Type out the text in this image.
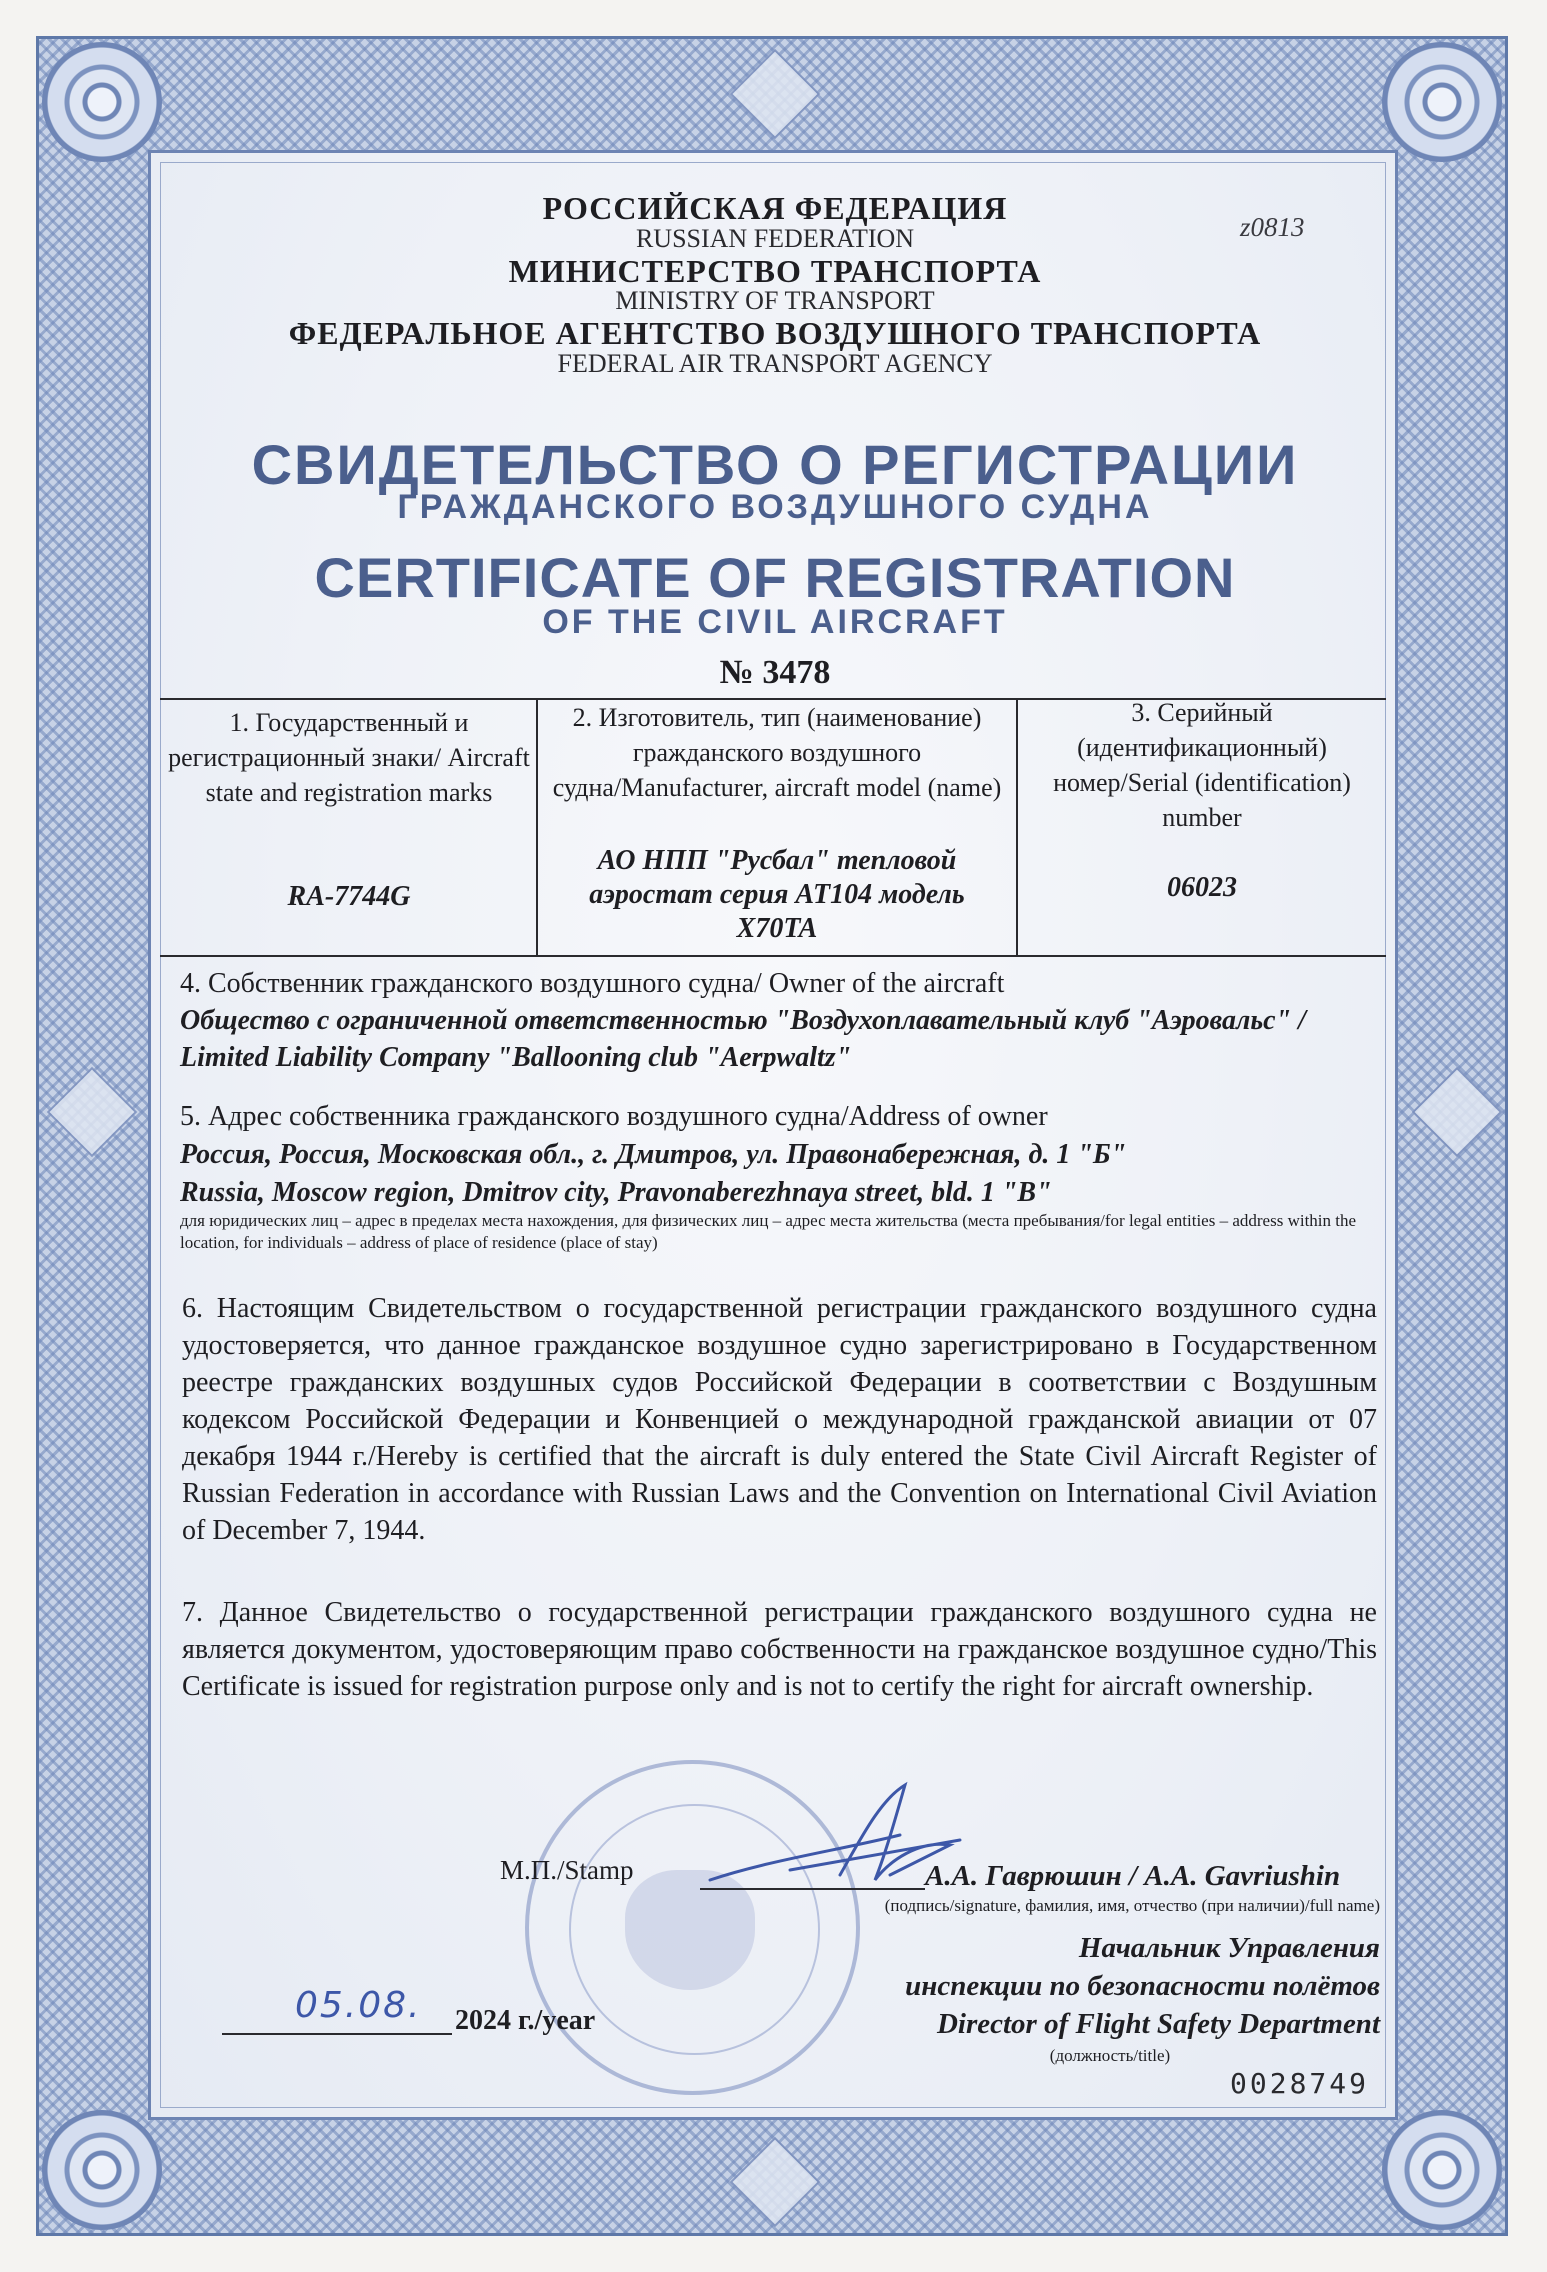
z0813
РОССИЙСКАЯ ФЕДЕРАЦИЯ
RUSSIAN FEDERATION
МИНИСТЕРСТВО ТРАНСПОРТА
MINISTRY OF TRANSPORT
ФЕДЕРАЛЬНОЕ АГЕНТСТВО ВОЗДУШНОГО ТРАНСПОРТА
FEDERAL AIR TRANSPORT AGENCY
СВИДЕТЕЛЬСТВО О РЕГИСТРАЦИИ
ГРАЖДАНСКОГО ВОЗДУШНОГО СУДНА
CERTIFICATE OF REGISTRATION
OF THE CIVIL AIRCRAFT
№ 3478
1. Государственный и регистрационный знаки/ Aircraft state and registration marks
RA-7744G
2. Изготовитель, тип (наименование) гражданского воздушного судна/Manufacturer, aircraft model (name)
АО НПП "Русбал" тепловой аэростат серия АТ104 модель Х70ТА
3. Серийный (идентификационный) номер/Serial (identification) number
06023
4. Собственник гражданского воздушного судна/ Owner of the aircraft
Общество с ограниченной ответственностью "Воздухоплавательный клуб "Аэровальс" / Limited Liability Company "Ballooning club "Aerpwaltz"
5. Адрес собственника гражданского воздушного судна/Address of owner
Россия, Россия, Московская обл., г. Дмитров, ул. Правонабережная, д. 1 "Б"
Russia, Moscow region, Dmitrov city, Pravonaberezhnaya street, bld. 1 "B"
для юридических лиц – адрес в пределах места нахождения, для физических лиц – адрес места жительства (места пребывания/for legal entities – address within the location, for individuals – address of place of residence (place of stay)
6. Настоящим Свидетельством о государственной регистрации гражданского воздушного судна удостоверяется, что данное гражданское воздушное судно зарегистрировано в Государственном реестре гражданских воздушных судов Российской Федерации в соответствии с Воздушным кодексом Российской Федерации и Конвенцией о международной гражданской авиации от 07 декабря 1944 г./Hereby is certified that the aircraft is duly entered the State Civil Aircraft Register of Russian Federation in accordance with Russian Laws and the Convention on International Civil Aviation of December 7, 1944.
7. Данное Свидетельство о государственной регистрации гражданского воздушного судна не является документом, удостоверяющим право собственности на гражданское воздушное судно/This Certificate is issued for registration purpose only and is not to certify the right for aircraft ownership.
М.П./Stamp	А.А. Гаврюшин / А.А. Gavriushin
(подпись/signature, фамилия, имя, отчество (при наличии)/full name)
Начальник Управления
инспекции по безопасности полётов
Director of Flight Safety Department
(должность/title)
05.08. 2024 г./year
0028749
